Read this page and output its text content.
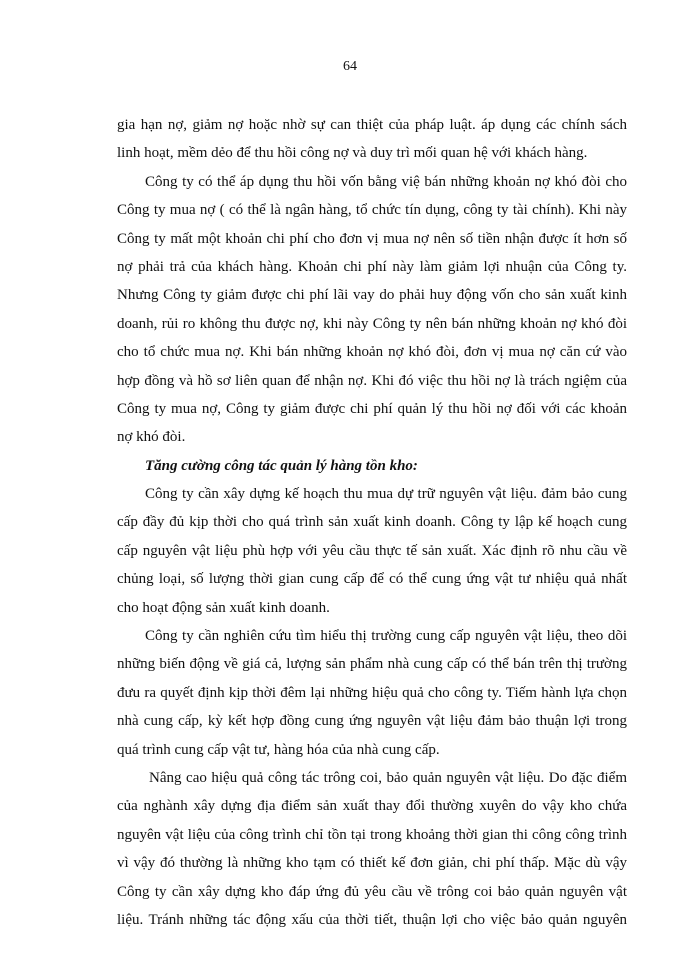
64
gia hạn nợ, giảm nợ hoặc nhờ sự can thiệt của pháp luật. áp dụng các chính sách
linh hoạt, mềm dẻo để thu hồi công nợ và duy trì mối quan hệ với khách hàng.
Công ty có thể áp dụng thu hồi vốn bằng việ bán những khoản nợ khó đòi cho
Công ty mua nợ ( có thể là ngân hàng, tổ chức tín dụng, công ty tài chính). Khi này
Công ty mất một khoản chi phí cho đơn vị mua nợ nên số tiền nhận được ít hơn số
nợ phải trả của khách hàng. Khoản chi phí này làm giảm lợi nhuận của Công ty.
Nhưng Công ty giảm được chi phí lãi vay do phải huy động vốn cho sản xuất kinh
doanh, rủi ro không thu được nợ, khi này Công ty nên bán những khoản nợ khó đòi
cho tổ chức mua nợ. Khi bán những khoản nợ khó đòi, đơn vị mua nợ căn cứ vào
hợp đồng và hồ sơ liên quan để nhận nợ. Khi đó việc thu hồi nợ là trách ngiệm của
Công ty mua nợ, Công ty giảm được chi phí quản lý thu hồi nợ đối với các khoản
nợ khó đòi.
Tăng cường công tác quản lý hàng tồn kho:
Công ty cần xây dựng kế hoạch thu mua dự trữ nguyên vật liệu. đảm bảo cung
cấp đầy đủ kịp thời cho quá trình sản xuất kinh doanh. Công ty lập kế hoạch cung
cấp nguyên vật liệu phù hợp với yêu cầu thực tế sản xuất. Xác định rõ nhu cầu về
chủng loại, số lượng thời gian cung cấp để có thể cung ứng vật tư nhiệu quả nhất
cho hoạt động sản xuất kinh doanh.
Công ty cần nghiên cứu tìm hiểu thị trường cung cấp nguyên vật liệu, theo dõi
những biến động về giá cả, lượng sản phẩm nhà cung cấp có thể bán trên thị trường
đưu ra quyết định kịp thời đêm lại những hiệu quả cho công ty. Tiếm hành lựa chọn
nhà cung cấp, kỳ kết hợp đồng cung ứng nguyên vật liệu đảm bảo thuận lợi trong
quá trình cung cấp vật tư, hàng hóa của nhà cung cấp.
Nâng cao hiệu quả công tác trông coi, bảo quản nguyên vật liệu. Do đặc điểm
của nghành xây dựng địa điểm sản xuất thay đổi thường xuyên do vậy kho chứa
nguyên vật liệu của công trình chỉ tồn tại trong khoảng thời gian thi công công trình
vì vậy đó thường là những kho tạm có thiết kế đơn giản, chi phí thấp. Mặc dù vậy
Công ty cần xây dựng kho đáp ứng đủ yêu cầu về trông coi bảo quản nguyên vật
liệu. Tránh những tác động xấu của thời tiết, thuận lợi cho việc bảo quản nguyên
